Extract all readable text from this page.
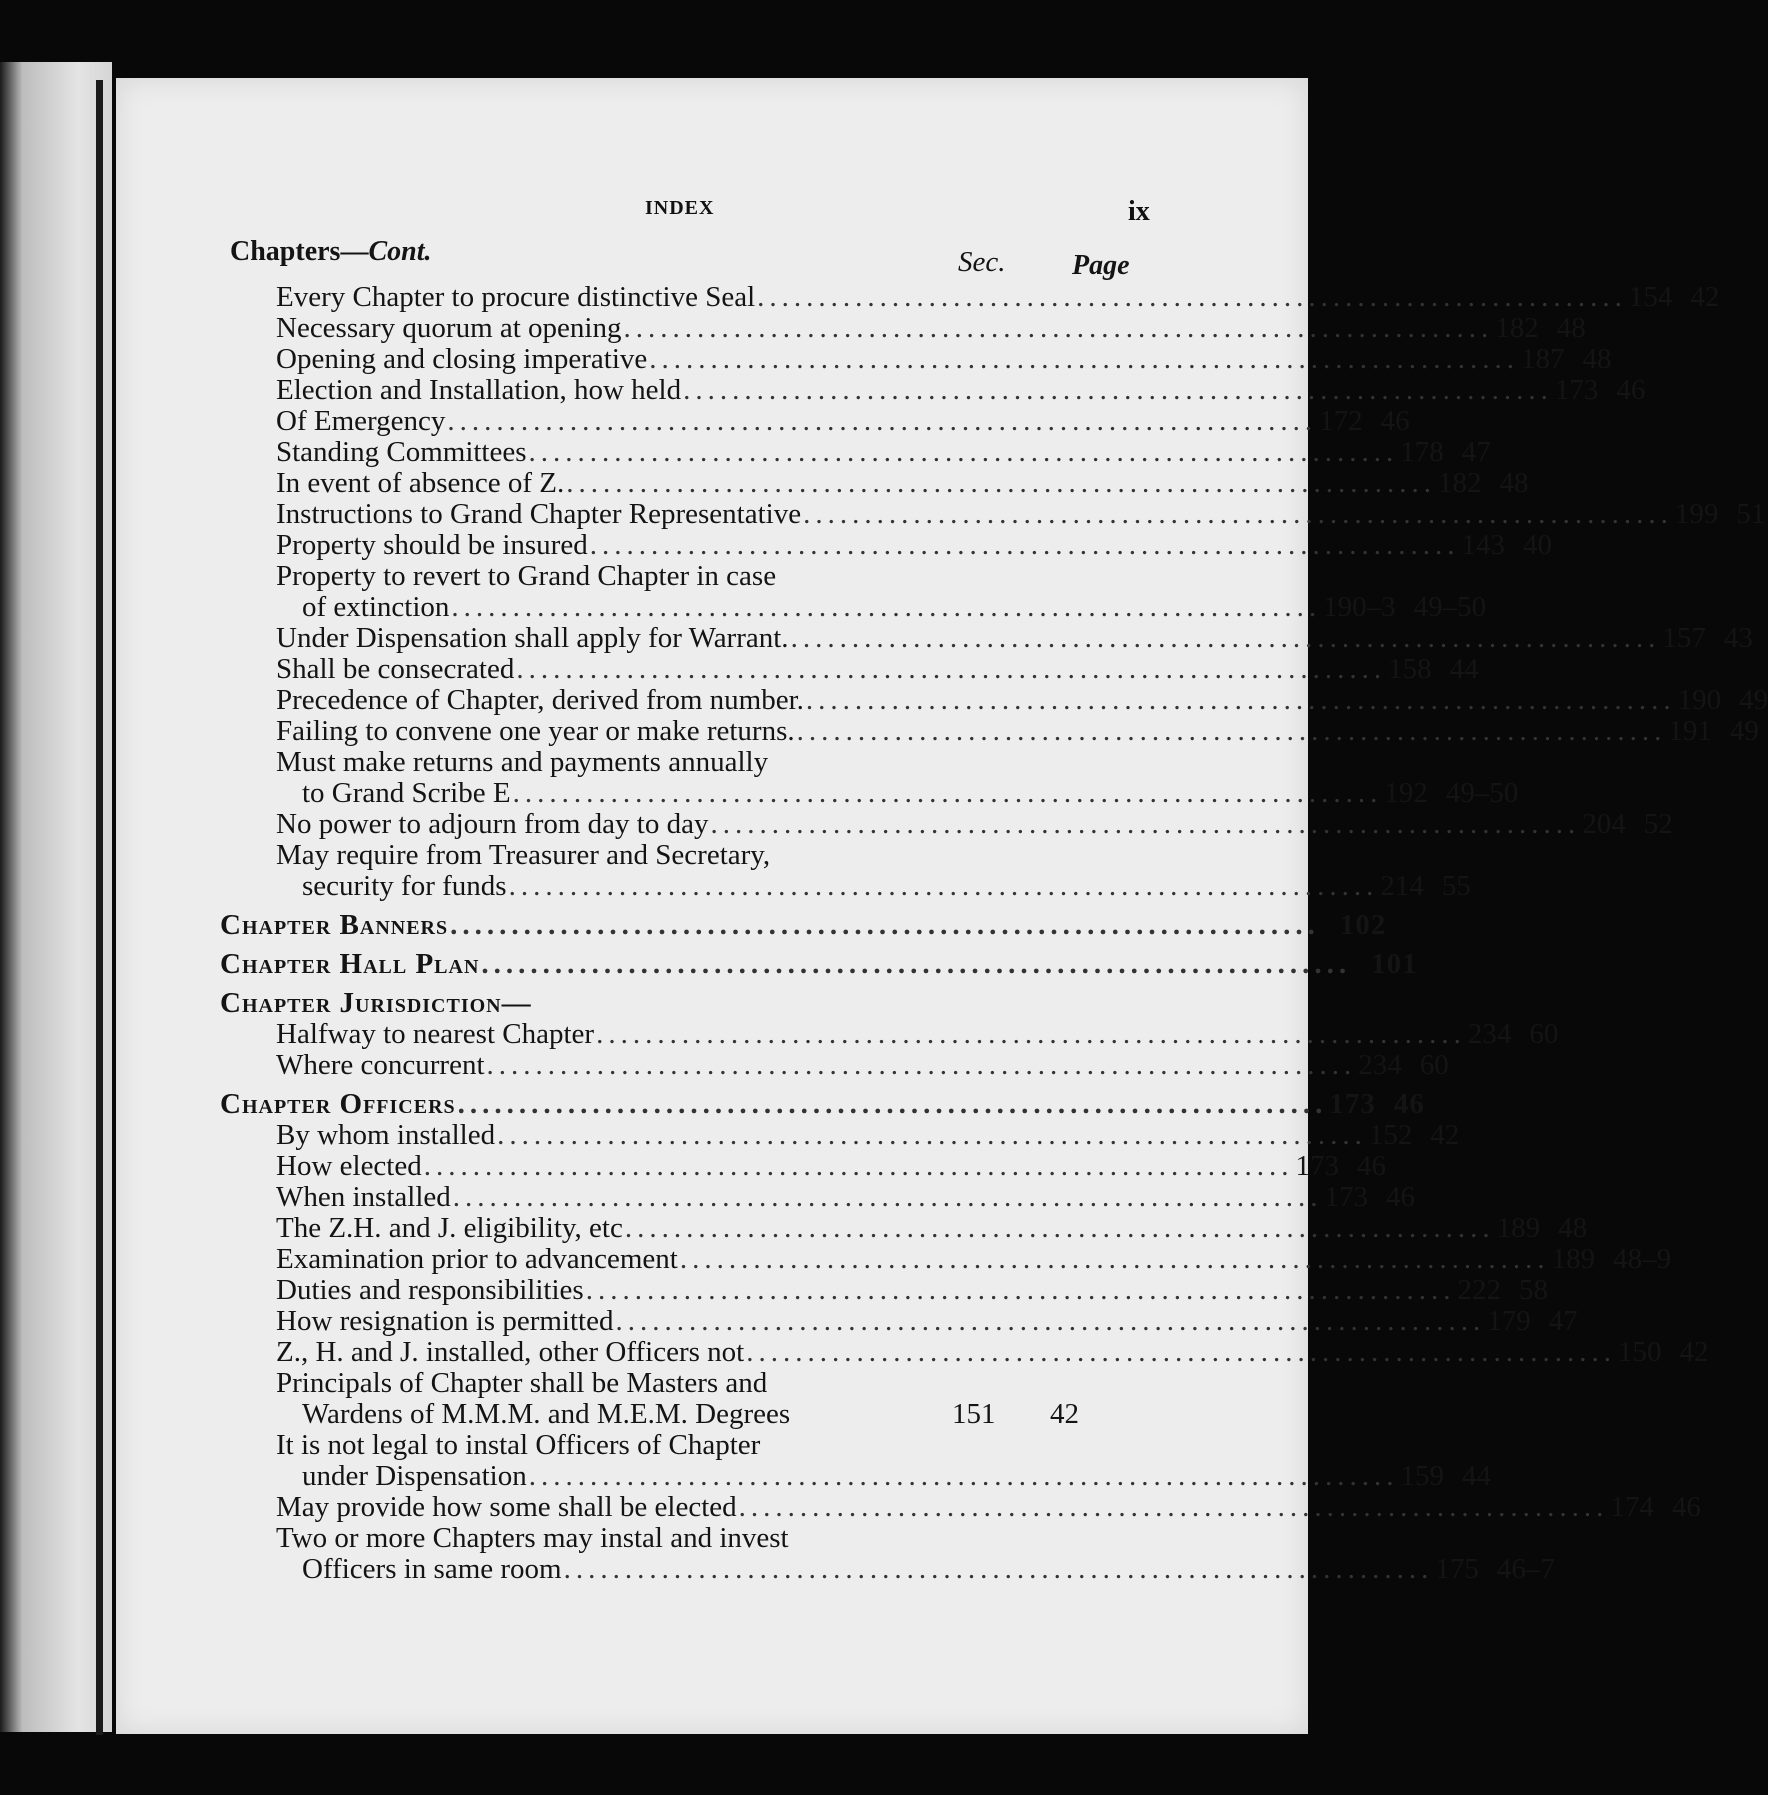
INDEX	ix
Chapters—Cont.	Sec. Page
Every Chapter to procure distinctive Seal ....................................................................... 154 42
Necessary quorum at opening ....................................................................... 182 48
Opening and closing imperative ....................................................................... 187 48
Election and Installation, how held ....................................................................... 173 46
Of Emergency ....................................................................... 172 46
Standing Committees ....................................................................... 178 47
In event of absence of Z. ....................................................................... 182 48
Instructions to Grand Chapter Representative ....................................................................... 199 51
Property should be insured ....................................................................... 143 40
Property to revert to Grand Chapter in case
of extinction ....................................................................... 190–3 49–50
Under Dispensation shall apply for Warrant. ....................................................................... 157 43
Shall be consecrated ....................................................................... 158 44
Precedence of Chapter, derived from number. ....................................................................... 190 49
Failing to convene one year or make returns. ....................................................................... 191 49
Must make returns and payments annually
to Grand Scribe E ....................................................................... 192 49–50
No power to adjourn from day to day ....................................................................... 204 52
May require from Treasurer and Secretary,
security for funds ....................................................................... 214 55
Chapter Banners ....................................................................... 102
Chapter Hall Plan ....................................................................... 101
Chapter Jurisdiction—
Halfway to nearest Chapter ....................................................................... 234 60
Where concurrent ....................................................................... 234 60
Chapter Officers ....................................................................... 173 46
By whom installed ....................................................................... 152 42
How elected ....................................................................... 173 46
When installed ....................................................................... 173 46
The Z.H. and J. eligibility, etc ....................................................................... 189 48
Examination prior to advancement ....................................................................... 189 48–9
Duties and responsibilities ....................................................................... 222 58
How resignation is permitted ....................................................................... 179 47
Z., H. and J. installed, other Officers not ....................................................................... 150 42
Principals of Chapter shall be Masters and
Wardens of M.M.M. and M.E.M. Degrees	151	42
It is not legal to instal Officers of Chapter
under Dispensation ....................................................................... 159 44
May provide how some shall be elected ....................................................................... 174 46
Two or more Chapters may instal and invest
Officers in same room ....................................................................... 175 46–7
